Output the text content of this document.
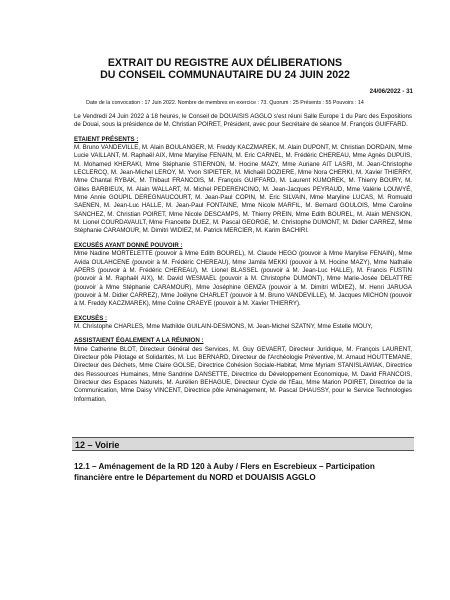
EXTRAIT DU REGISTRE AUX DÉLIBERATIONS
DU CONSEIL COMMUNAUTAIRE DU 24 JUIN 2022
24/06/2022 - 31
Date de la convocation : 17 Juin 2022. Nombre de membres en exercice : 73. Quorum : 25 Présents : 55 Pouvoirs : 14

Le Vendredi 24 Juin 2022 à 18 heures, le Conseil de DOUAISIS AGGLO s'est réuni Salle Europe 1 du Parc des Expositions de Douai, sous la présidence de M. Christian POIRET, Président, avec pour Secrétaire de séance M. François GUIFFARD.

ETAIENT PRÉSENTS :

M. Bruno VANDEVILLE, M. Alain BOULANGER, M. Freddy KACZMAREK, M. Alain DUPONT, M. Christian DORDAIN, Mme Lucie VAILLANT, M. Raphaël AIX, Mme Marylise FENAIN, M. Eric CARNEL, M. Frédéric CHEREAU, Mme Agnès DUPUIS, M. Mohamed KHERAKI, Mme Stéphanie STIERNON, M. Hocine MAZY, Mme Auriane AIT LASRI, M. Jean-Christophe LECLERCQ, M. Jean-Michel LEROY, M. Yvon SIPIETER, M. Michaël DOZIERE, Mme Nora CHERKI, M. Xavier THIERRY, Mme Chantal RYBAK, M. Thibaut FRANCOIS, M. François GUIFFARD, M. Laurent KUMOREK, M. Thierry BOURY, M. Gilles BARBIEUX, M. Alain WALLART, M. Michel PEDERENCINO, M. Jean-Jacques PEYRAUD, Mme Valérie LOUWYÉ, Mme Annie GOUPIL DEREGNAUCOURT, M. Jean-Paul COPIN, M. Eric SILVAIN, Mme Maryline LUCAS, M. Romuald SAENEN, M. Jean-Luc HALLE, M. Jean-Paul FONTAINE, Mme Nicole MARFIL, M. Bernard GOULOIS, Mme Caroline SANCHEZ, M. Christian POIRET, Mme Nicole DESCAMPS, M. Thierry PREIN, Mme Edith BOUREL, M. Alain MENSION, M. Lionel COURDAVAULT, Mme Francette DUEZ, M. Pascal GEORGE, M. Christophe DUMONT, M. Didier CARREZ, Mme Stéphanie CARAMOUR, M. Dimitri WIDIEZ, M. Patrick MERCIER, M. Karim BACHIRI.

EXCUSÉS AYANT DONNÉ POUVOIR :

Mme Nadine MORTELETTE (pouvoir à Mme Edith BOUREL), M. Claude HEGO (pouvoir à Mme Marylise FENAIN), Mme Avida OULAHCENE (pouvoir à M. Frédéric CHEREAU), Mme Jamila MEKKI (pouvoir à M. Hocine MAZY), Mme Nathalie APERS (pouvoir à M. Frédéric CHEREAU), M. Lionel BLASSEL (pouvoir à M. Jean-Luc HALLE), M. Francis FUSTIN (pouvoir à M. Raphaël AIX), M. David WESMAEL (pouvoir à M. Christophe DUMONT), Mme Marie-Josée DELATTRE (pouvoir à Mme Stéphanie CARAMOUR), Mme Joséphine GEMZA (pouvoir à M. Dimitri WIDIEZ), M. Henri JARUGA (pouvoir à M. Didier CARREZ), Mme Joëlyne CHARLET (pouvoir à M. Bruno VANDEVILLE), M. Jacques MICHON (pouvoir à M. Freddy KACZMAREK), Mme Coline CRAEYE (pouvoir à M. Xavier THIERRY).

EXCUSÉS :

M. Christophe CHARLES, Mme Mathilde GUILAIN-DESMONS, M. Jean-Michel SZATNY, Mme Estelle MOUY,

ASSISTAIENT ÉGALEMENT A LA RÉUNION :

Mme Catherine BLOT, Directeur Général des Services, M. Guy GEVAERT, Directeur Juridique, M. François LAURENT, Directeur pôle Pilotage et Solidarités, M. Luc BERNARD, Directeur de l'Archéologie Préventive, M. Arnaud HOUTTEMANE, Directeur des Déchets, Mme Claire GOLSE, Directrice Cohésion Sociale-Habitat, Mme Myriam STANISLAWIAK, Directrice des Ressources Humaines, Mme Sandrine DANSETTE, Directrice du Développement Economique, M. David FRANCOIS, Directeur des Espaces Naturels, M. Aurélien BEHAGUE, Directeur Cycle de l'Eau, Mme Marion POIRET, Directrice de la Communication, Mme Daisy VINCENT, Directrice pôle Aménagement, M. Pascal DHAUSSY, pour le Service Technologies Information.

12 – Voirie
12.1 – Aménagement de la RD 120 à Auby / Flers en Escrebieux – Participation financière entre le Département du NORD et DOUAISIS AGGLO
